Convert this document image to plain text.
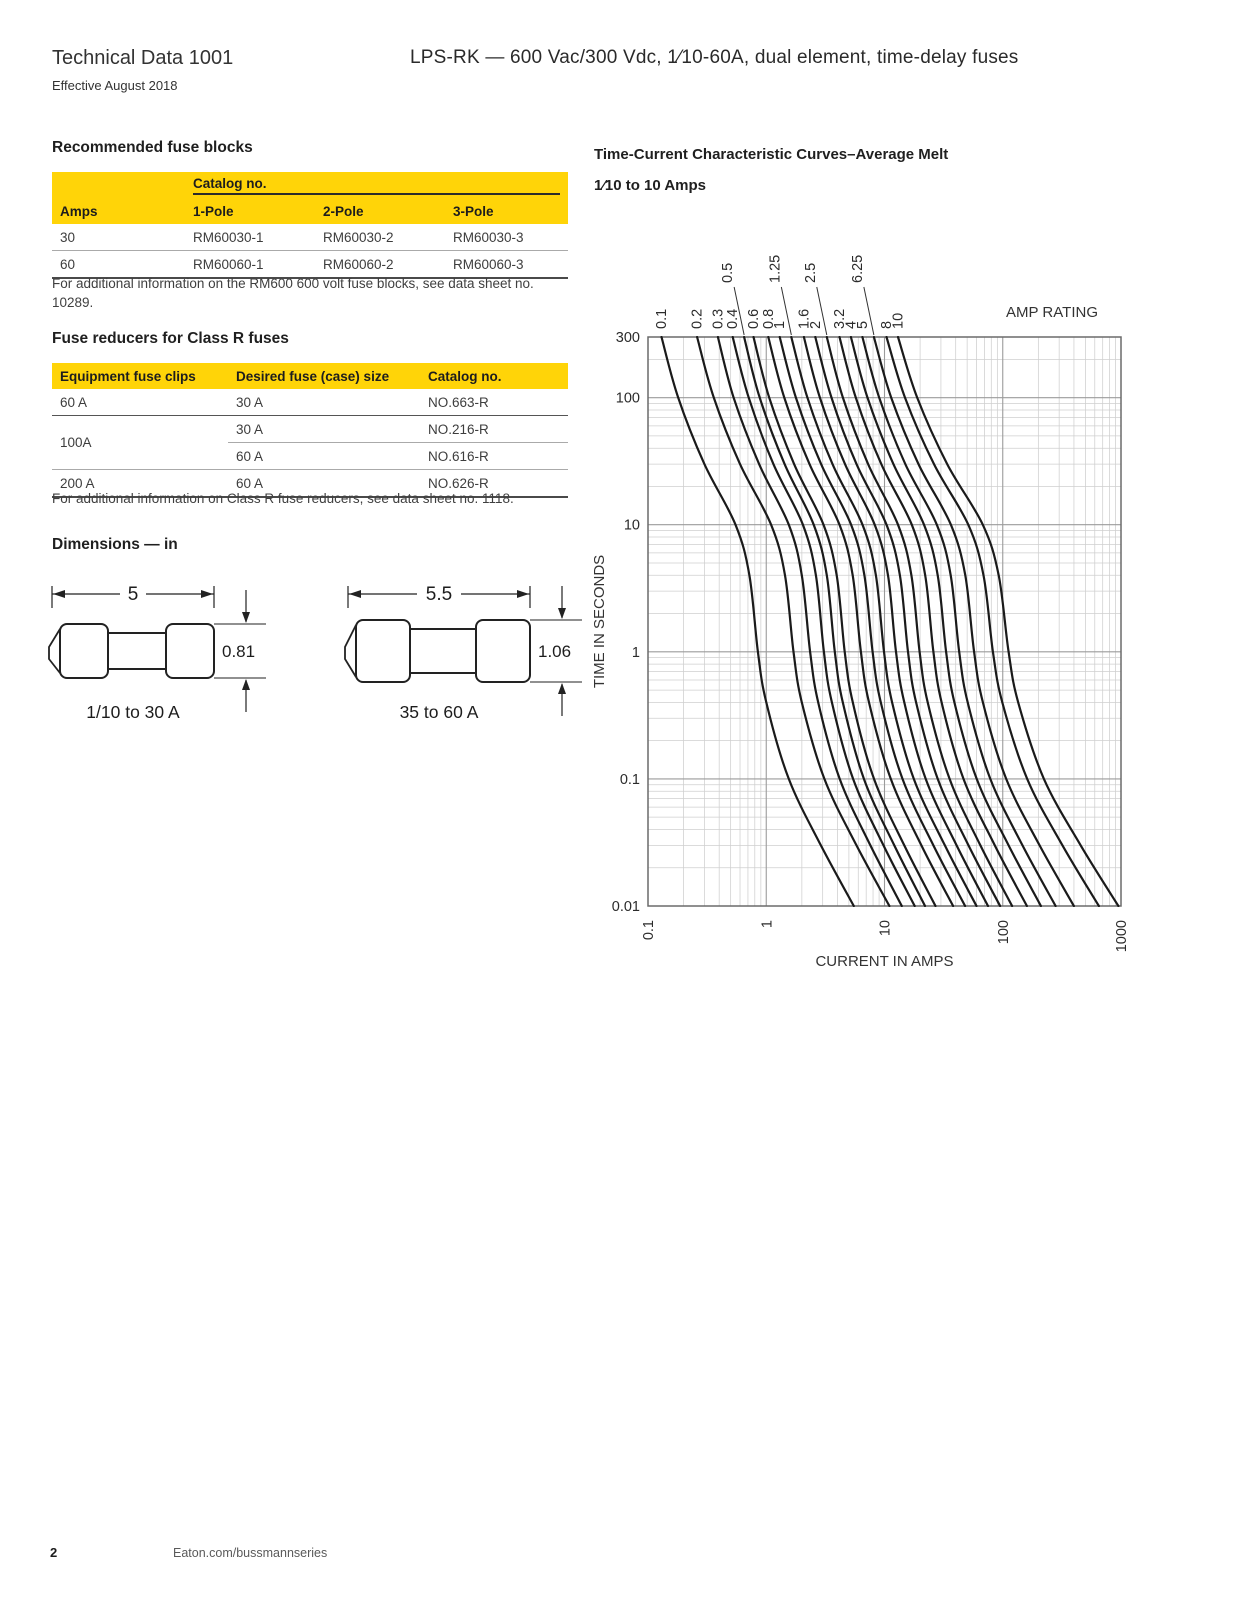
Technical Data 1001
Effective August 2018
LPS-RK — 600 Vac/300 Vdc, 1⁄10-60A, dual element, time-delay fuses
Recommended fuse blocks

	Catalog no.		

Amps	1-Pole	2-Pole	3-Pole
30	RM60030-1	RM60030-2	RM60030-3
60	RM60060-1	RM60060-2	RM60060-3
For additional information on the RM600 600 volt fuse blocks, see data sheet no. 10289.
Fuse reducers for Class R fuses
Equipment fuse clips	Desired fuse (case) size	Catalog no.
60 A	30 A	NO.663-R
100A	30 A	NO.216-R
	60 A	NO.616-R
200 A	60 A	NO.626-R
For additional information on Class R fuse reducers, see data sheet no. 1118.
Dimensions — in
5
0.81
1/10 to 30 A
5.5
1.06
35 to 60 A
Time-Current Characteristic Curves–Average Melt
1⁄10 to 10 Amps
0.1 0.2 0.3
0.4
0.5
0.6
0.8
1
1.25
1.6
2
2.5
3.2
4
5
6.25
8
10	AMP RATING
300
100
10
1
0.1
0.01
0.1	1	10	100	1000
CURRENT IN AMPS
TIME IN SECONDS
2	Eaton.com/bussmannseries
